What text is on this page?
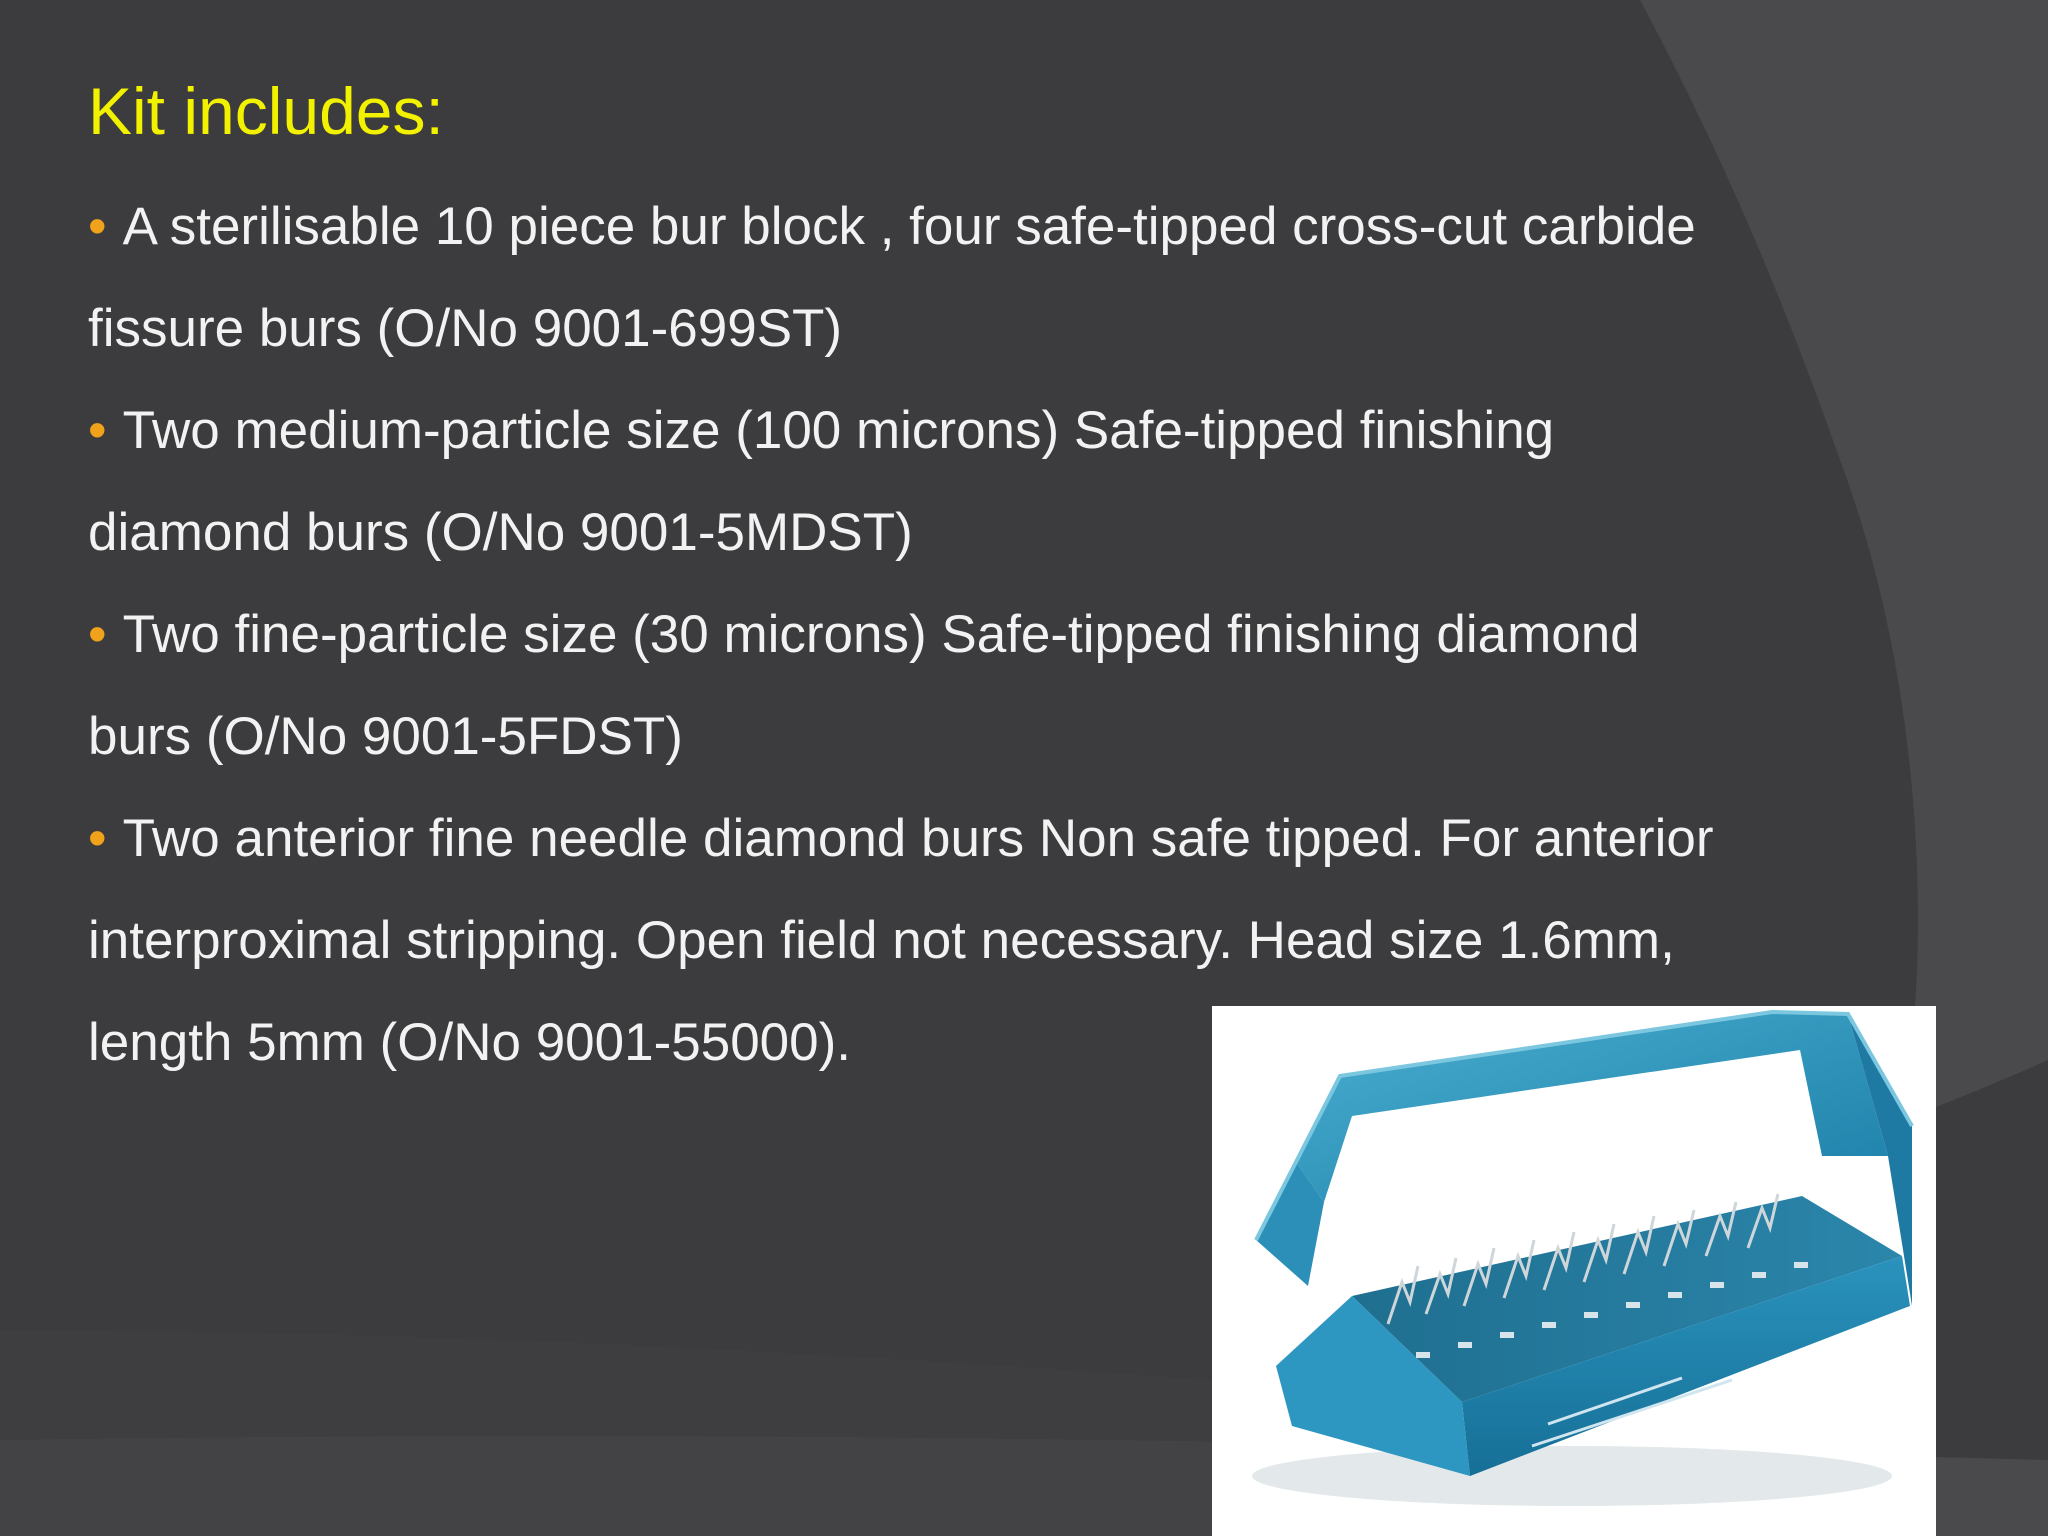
Kit includes:
• A sterilisable 10 piece bur block , four safe-tipped cross-cut carbide
fissure burs (O/No 9001-699ST)
• Two medium-particle size (100 microns) Safe-tipped finishing
diamond burs (O/No 9001-5MDST)
• Two fine-particle size (30 microns) Safe-tipped finishing diamond
burs (O/No 9001-5FDST)
• Two anterior fine needle diamond burs Non safe tipped. For anterior
interproximal stripping. Open field not necessary. Head size 1.6mm,
length 5mm (O/No 9001-55000).
